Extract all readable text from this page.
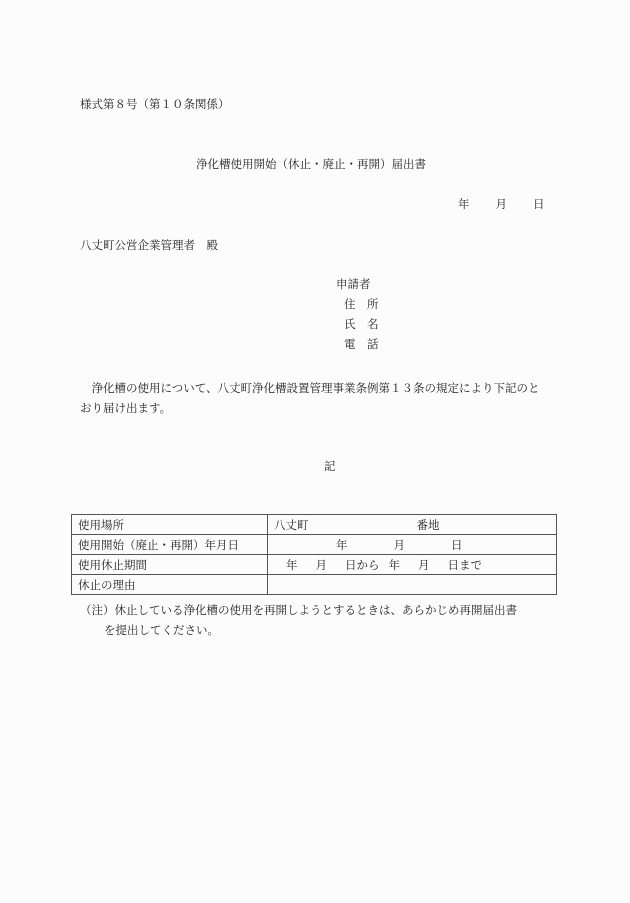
様式第８号（第１０条関係）
浄化槽使用開始（休止・廃止・再開）届出書
年 月 日
八丈町公営企業管理者　殿
申請者
住　所
氏　名
電　話

浄化槽の使用について、八丈町浄化槽設置管理事業条例第１３条の規定により下記のとおり届け出ます。

記
使用場所	八丈町 番地

使用開始（廃止・再開）年月日	年 月 日

使用休止期間	年 月 日から 年 月 日まで

休止の理由	
（注）休止している浄化槽の使用を再開しようとするときは、あらかじめ再開届出書
を提出してください。
